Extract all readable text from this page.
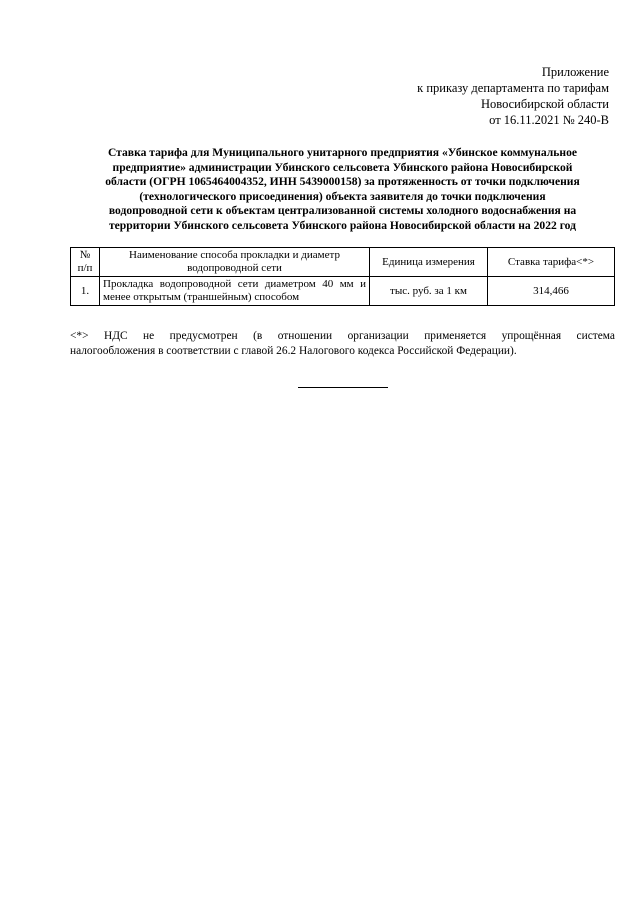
Приложение
к приказу департамента по тарифам
Новосибирской области
от 16.11.2021 № 240-В
Ставка тарифа для Муниципального унитарного предприятия «Убинское коммунальное
предприятие» администрации Убинского сельсовета Убинского района Новосибирской
области (ОГРН 1065464004352, ИНН 5439000158) за протяженность от точки подключения
(технологического присоединения) объекта заявителя до точки подключения
водопроводной сети к объектам централизованной системы холодного водоснабжения на
территории Убинского сельсовета Убинского района Новосибирской области на 2022 год
№ п/п	Наименование способа прокладки и диаметр водопроводной сети	Единица измерения	Ставка тарифа<*>
1.	Прокладка водопроводной сети диаметром 40 мм и менее открытым (траншейным) способом	тыс. руб. за 1 км	314,466
<*> НДС не предусмотрен (в отношении организации применяется упрощённая система
налогообложения в соответствии с главой 26.2 Налогового кодекса Российской Федерации).
